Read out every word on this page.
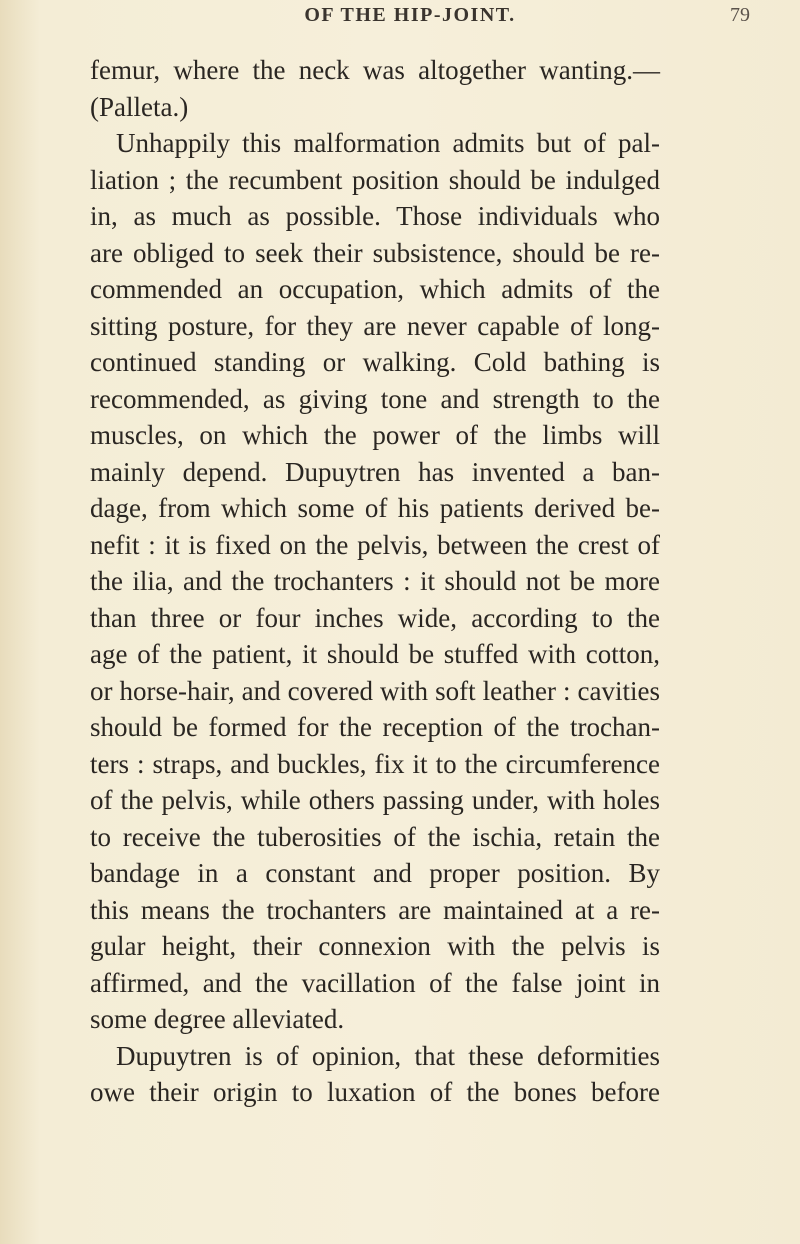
OF THE HIP-JOINT.	79
femur, where the neck was altogether wanting.—
(Palleta.)
Unhappily this malformation admits but of pal-
liation ; the recumbent position should be indulged
in, as much as possible. Those individuals who
are obliged to seek their subsistence, should be re-
commended an occupation, which admits of the
sitting posture, for they are never capable of long-
continued standing or walking. Cold bathing is
recommended, as giving tone and strength to the
muscles, on which the power of the limbs will
mainly depend. Dupuytren has invented a ban-
dage, from which some of his patients derived be-
nefit : it is fixed on the pelvis, between the crest of
the ilia, and the trochanters : it should not be more
than three or four inches wide, according to the
age of the patient, it should be stuffed with cotton,
or horse-hair, and covered with soft leather : cavities
should be formed for the reception of the trochan-
ters : straps, and buckles, fix it to the circumference
of the pelvis, while others passing under, with holes
to receive the tuberosities of the ischia, retain the
bandage in a constant and proper position. By
this means the trochanters are maintained at a re-
gular height, their connexion with the pelvis is
affirmed, and the vacillation of the false joint in
some degree alleviated.
Dupuytren is of opinion, that these deformities
owe their origin to luxation of the bones before
